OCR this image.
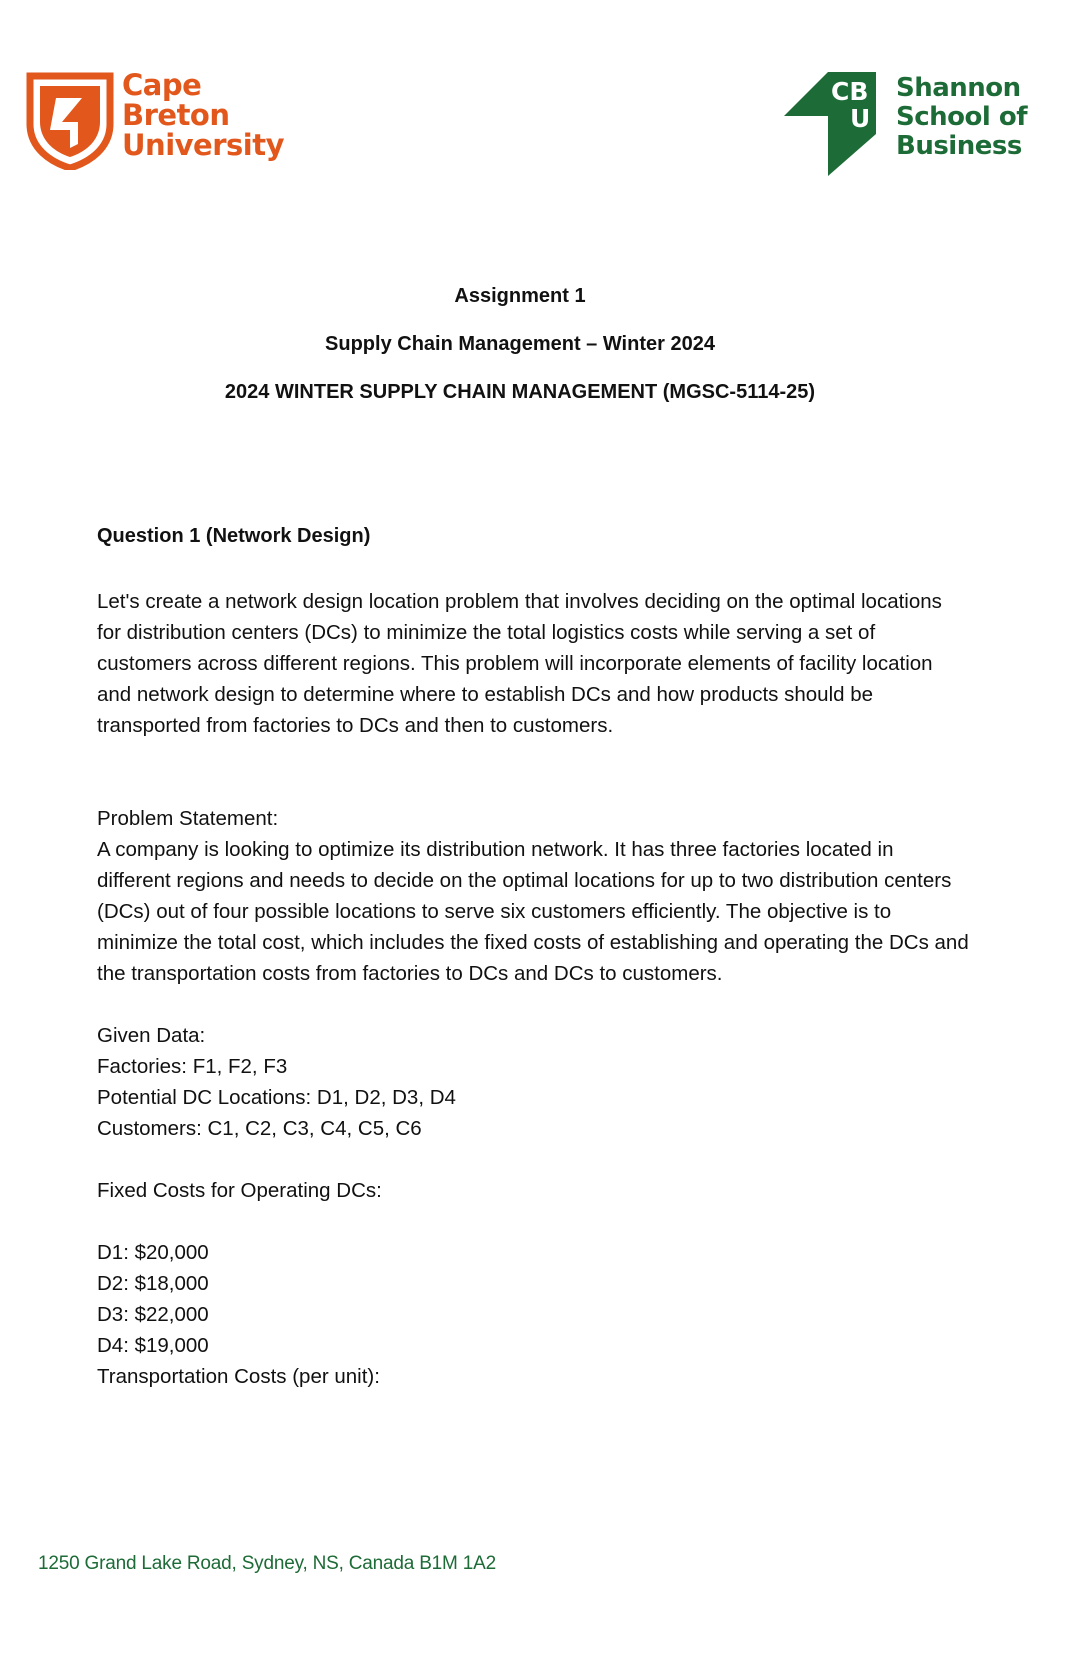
Cape
Breton
University
CB
U
Shannon
School of
Business
Assignment 1
Supply Chain Management – Winter 2024
2024 WINTER SUPPLY CHAIN MANAGEMENT (MGSC-5114-25)

Question 1 (Network Design)

Let's create a network design location problem that involves deciding on the optimal locations
for distribution centers (DCs) to minimize the total logistics costs while serving a set of
customers across different regions. This problem will incorporate elements of facility location
and network design to determine where to establish DCs and how products should be
transported from factories to DCs and then to customers.
Problem Statement:
A company is looking to optimize its distribution network. It has three factories located in
different regions and needs to decide on the optimal locations for up to two distribution centers
(DCs) out of four possible locations to serve six customers efficiently. The objective is to
minimize the total cost, which includes the fixed costs of establishing and operating the DCs and
the transportation costs from factories to DCs and DCs to customers.
Given Data:
Factories: F1, F2, F3
Potential DC Locations: D1, D2, D3, D4
Customers: C1, C2, C3, C4, C5, C6
Fixed Costs for Operating DCs:
D1: $20,000
D2: $18,000
D3: $22,000
D4: $19,000
Transportation Costs (per unit):
1250 Grand Lake Road, Sydney, NS, Canada B1M 1A2
